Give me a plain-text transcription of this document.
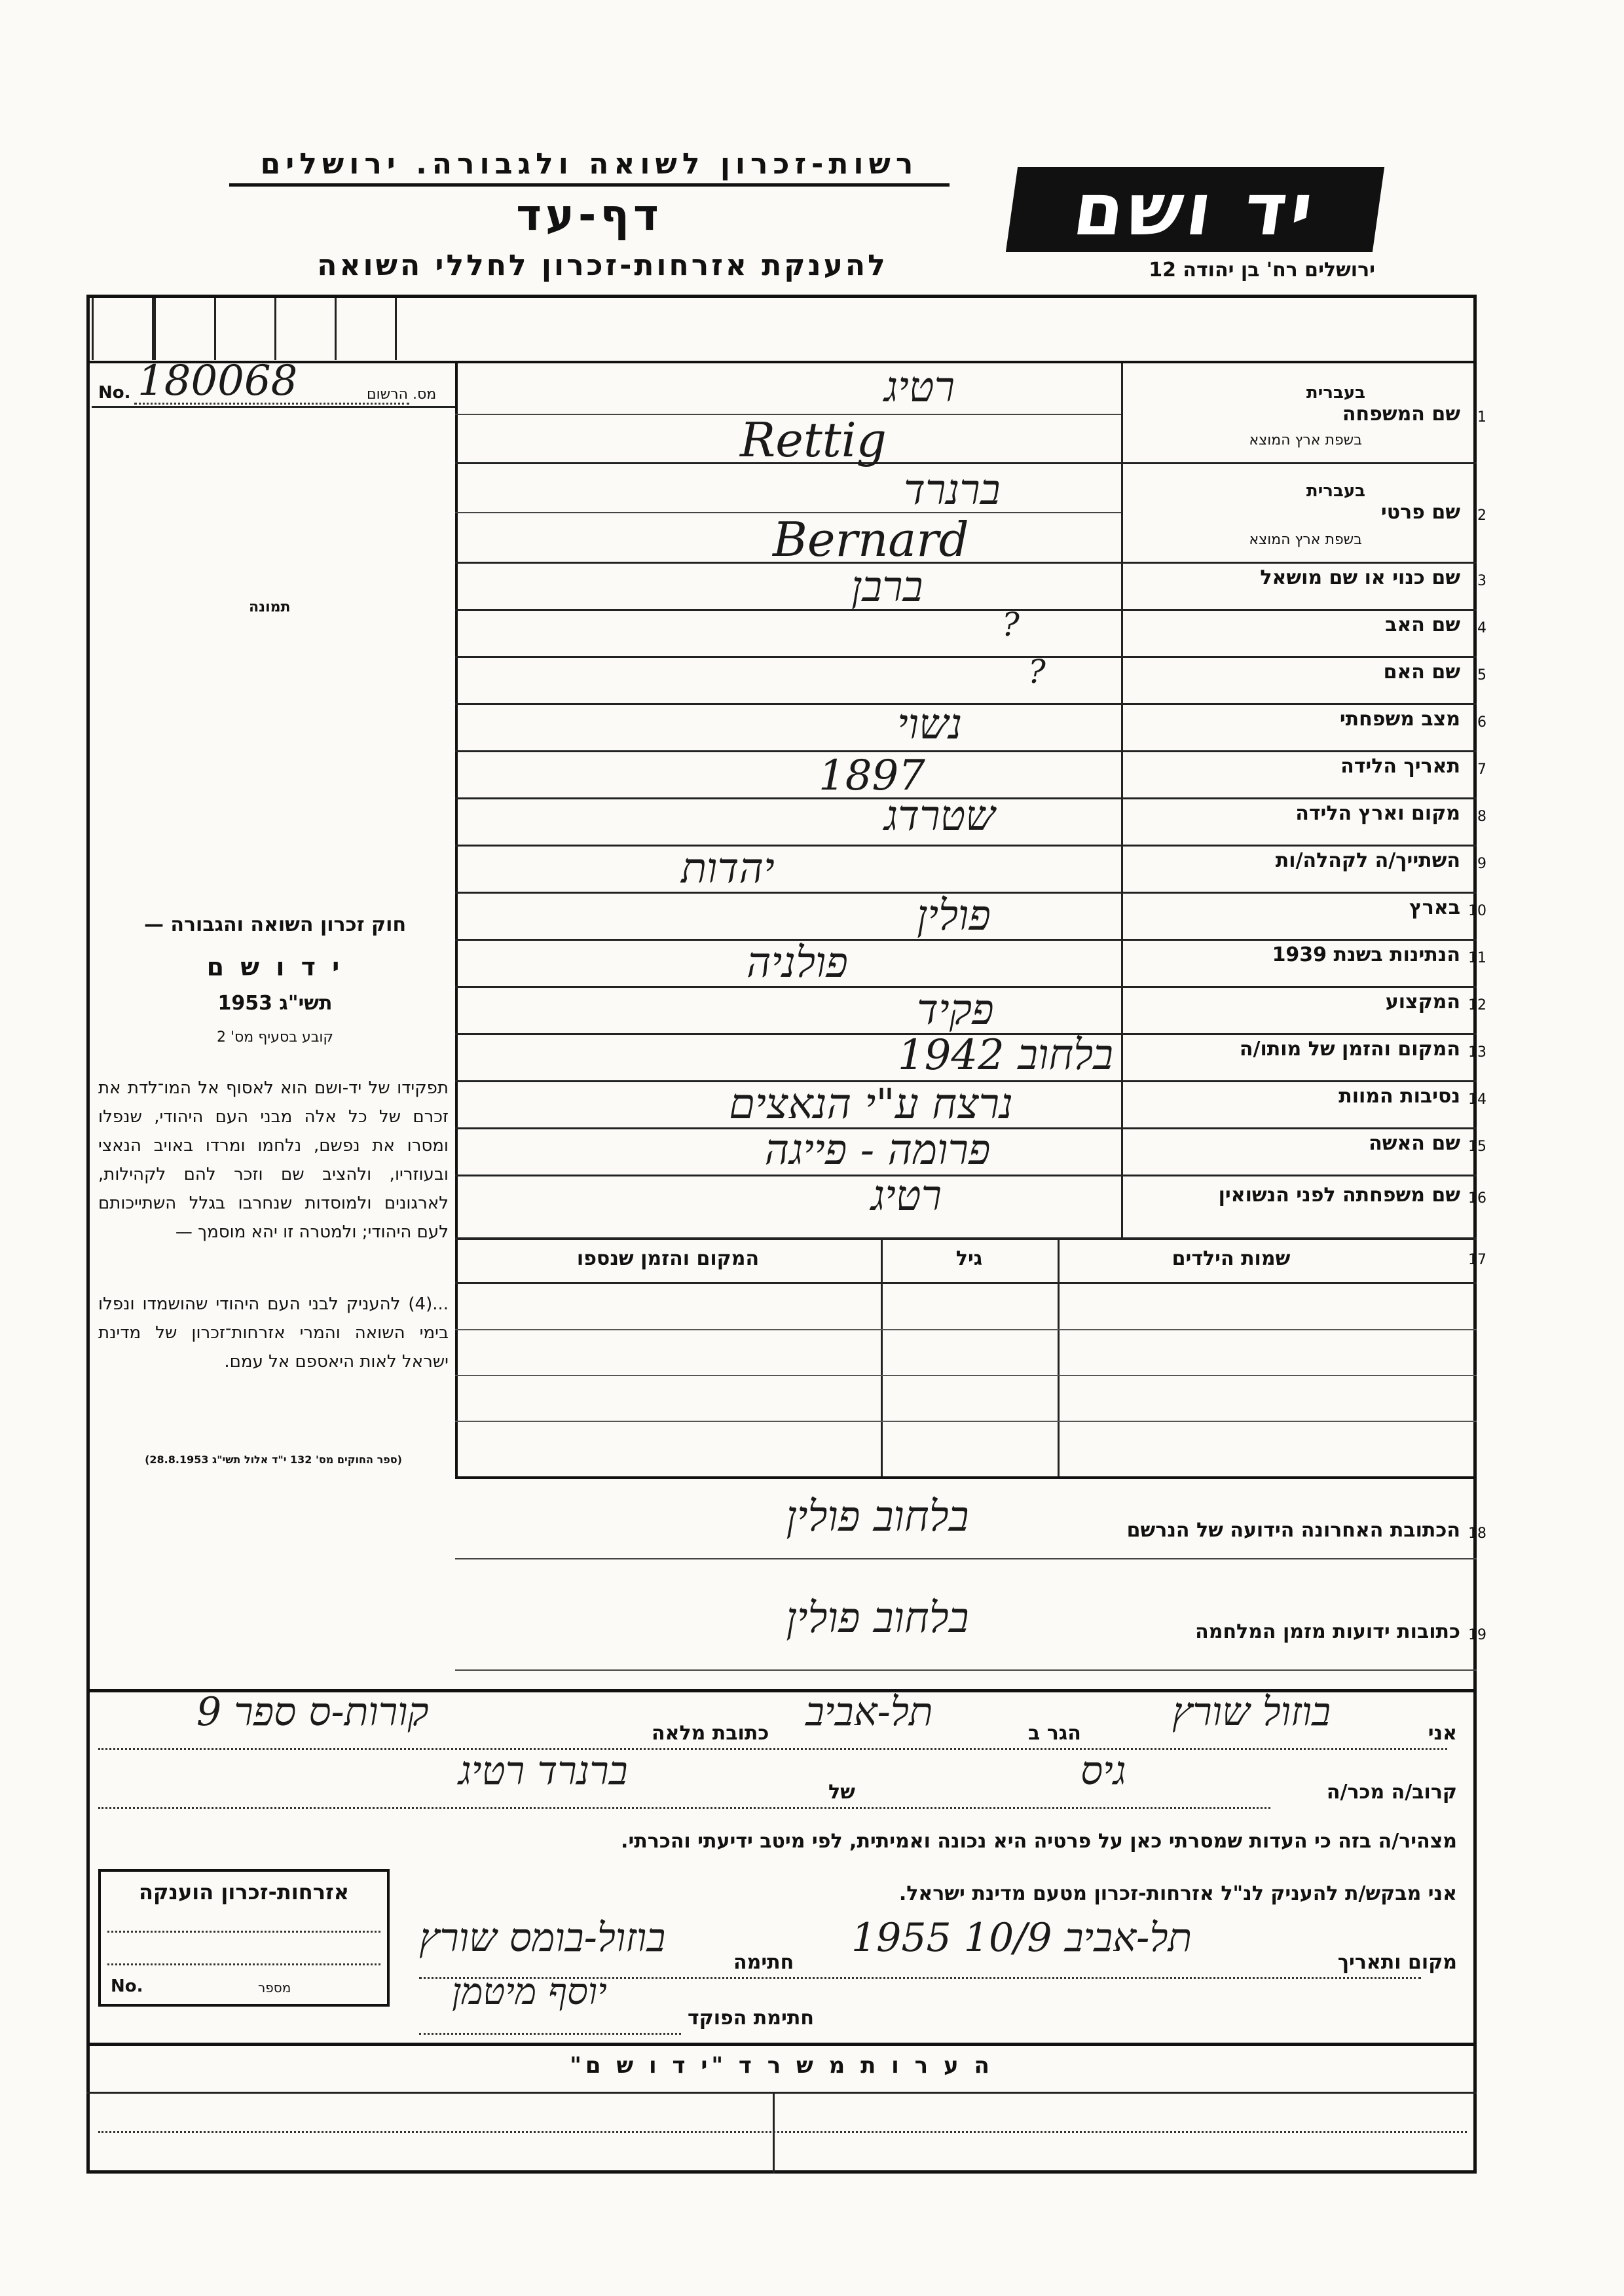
רשות-זכרון לשואה ולגבורה. ירושלים
דף-עד
להענקת אזרחות-זכרון לחללי השואה
יד ושם
ירושלים רח' בן יהודה 12
No. 180068	מס. הרשום
תמונה
חוק זכרון השואה והגבורה —
י ד ו ש ם
תשי"ג 1953
קובע בסעיף מס' 2
תפקידו של יד-ושם הוא לאסוף אל המו־לדת את זכרם של כל אלה מבני העם היהודי, שנפלו ומסרו את נפשם, נלחמו ומרדו באויב הנאצי ובעוזריו, ולהציב שם וזכר להם לקהילות, לארגונים ולמוסדות שנחרבו בגלל השתייכותם לעם היהודי; ולמטרה זו יהא מוסמך —
...(4) להעניק לבני העם היהודי שהושמדו ונפלו בימי השואה והמרי אזרחות־זכרון של מדינת ישראל לאות היאספם אל עמם.
(ספר החוקים מס' 132 י"ד אלול תשי"ג 28.8.1953)
1
שם המשפחה
בעברית
בשפת ארץ המוצא
רטיג
Rettig
2
שם פרטי
בעברית
בשפת ארץ המוצא
ברנרד
Bernard
3
שם כנוי או שם מושאל
ברבן
4
שם האב
?
5
שם האם
?
6
מצב משפחתי
נשוי
7
תאריך הלידה
1897
8
מקום וארץ הלידה
שטרדג
9
השתייך/ה לקהלה/ות
יהדות
10
בארץ
פולין
11
הנתינות בשנת 1939
פולניה
12
המקצוע
פקיד
13
המקום והזמן של מותו/ה
בלחוב 1942
14
נסיבות המוות
נרצח ע"י הנאצים
15
שם האשה
פרומה - פייגה
16
שם משפחתה לפני הנשואין
רטיג
17
שמות הילדים
גיל
המקום והזמן שנספו
18
הכתובת האחרונה הידועה של הנרשם
בלחוב פולין
19
כתובות ידועות מזמן המלחמה
בלחוב פולין
אני
בוזול שורץ
הגר ב
תל-אביב
כתובת מלאה
קורות-ס ספר 9
קרוב/ה מכר/ה
גיס
של
ברנרד רטיג
מצהיר/ה בזה כי העדות שמסרתי כאן על פרטיה היא נכונה ואמיתית, לפי מיטב ידיעתי והכרתי.
אני מבקש/ת להעניק לנ"ל אזרחות-זכרון מטעם מדינת ישראל.
מקום ותאריך
תל-אביב 10/9 1955
חתימה
בוזול-בומס שורץ
חתימת הפוקד
יוסף מיטמן
אזרחות-זכרון הוענקה
No.	מספר
ה ע ר ו ת מ ש ר ד "י ד ו ש ם"
